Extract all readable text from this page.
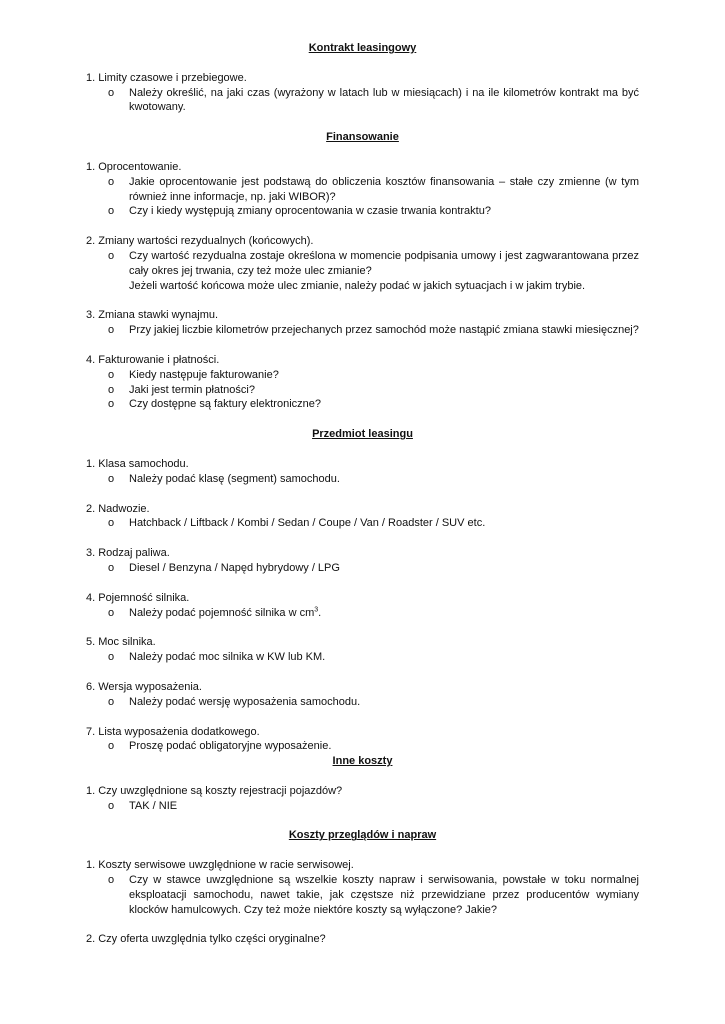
Kontrakt leasingowy

1. Limity czasowe i przebiegowe.

o Należy określić, na jaki czas (wyrażony w latach lub w miesiącach) i na ile kilometrów kontrakt ma być kwotowany.

Finansowanie

1. Oprocentowanie.

o Jakie oprocentowanie jest podstawą do obliczenia kosztów finansowania – stałe czy zmienne (w tym również inne informacje, np. jaki WIBOR)?

o Czy i kiedy występują zmiany oprocentowania w czasie trwania kontraktu?

2. Zmiany wartości rezydualnych (końcowych).

o Czy wartość rezydualna zostaje określona w momencie podpisania umowy i jest zagwarantowana przez cały okres jej trwania, czy też może ulec zmianie?

Jeżeli wartość końcowa może ulec zmianie, należy podać w jakich sytuacjach i w jakim trybie.

3. Zmiana stawki wynajmu.

o Przy jakiej liczbie kilometrów przejechanych przez samochód może nastąpić zmiana stawki miesięcznej?

4. Fakturowanie i płatności.

o Kiedy następuje fakturowanie?

o Jaki jest termin płatności?

o Czy dostępne są faktury elektroniczne?

Przedmiot leasingu

1. Klasa samochodu.

o Należy podać klasę (segment) samochodu.

2. Nadwozie.

o Hatchback / Liftback / Kombi / Sedan / Coupe / Van / Roadster / SUV etc.

3. Rodzaj paliwa.

o Diesel / Benzyna / Napęd hybrydowy / LPG

4. Pojemność silnika.

o Należy podać pojemność silnika w $cm^3$.

5. Moc silnika.

o Należy podać moc silnika w KW lub KM.

6. Wersja wyposażenia.

o Należy podać wersję wyposażenia samochodu.

7. Lista wyposażenia dodatkowego.

o Proszę podać obligatoryjne wyposażenie.

Inne koszty

1. Czy uwzględnione są koszty rejestracji pojazdów?

o TAK / NIE

Koszty przeglądów i napraw

1. Koszty serwisowe uwzględnione w racie serwisowej.

o Czy w stawce uwzględnione są wszelkie koszty napraw i serwisowania, powstałe w toku normalnej eksploatacji samochodu, nawet takie, jak częstsze niż przewidziane przez producentów wymiany klocków hamulcowych. Czy też może niektóre koszty są wyłączone? Jakie?

2. Czy oferta uwzględnia tylko części oryginalne?
